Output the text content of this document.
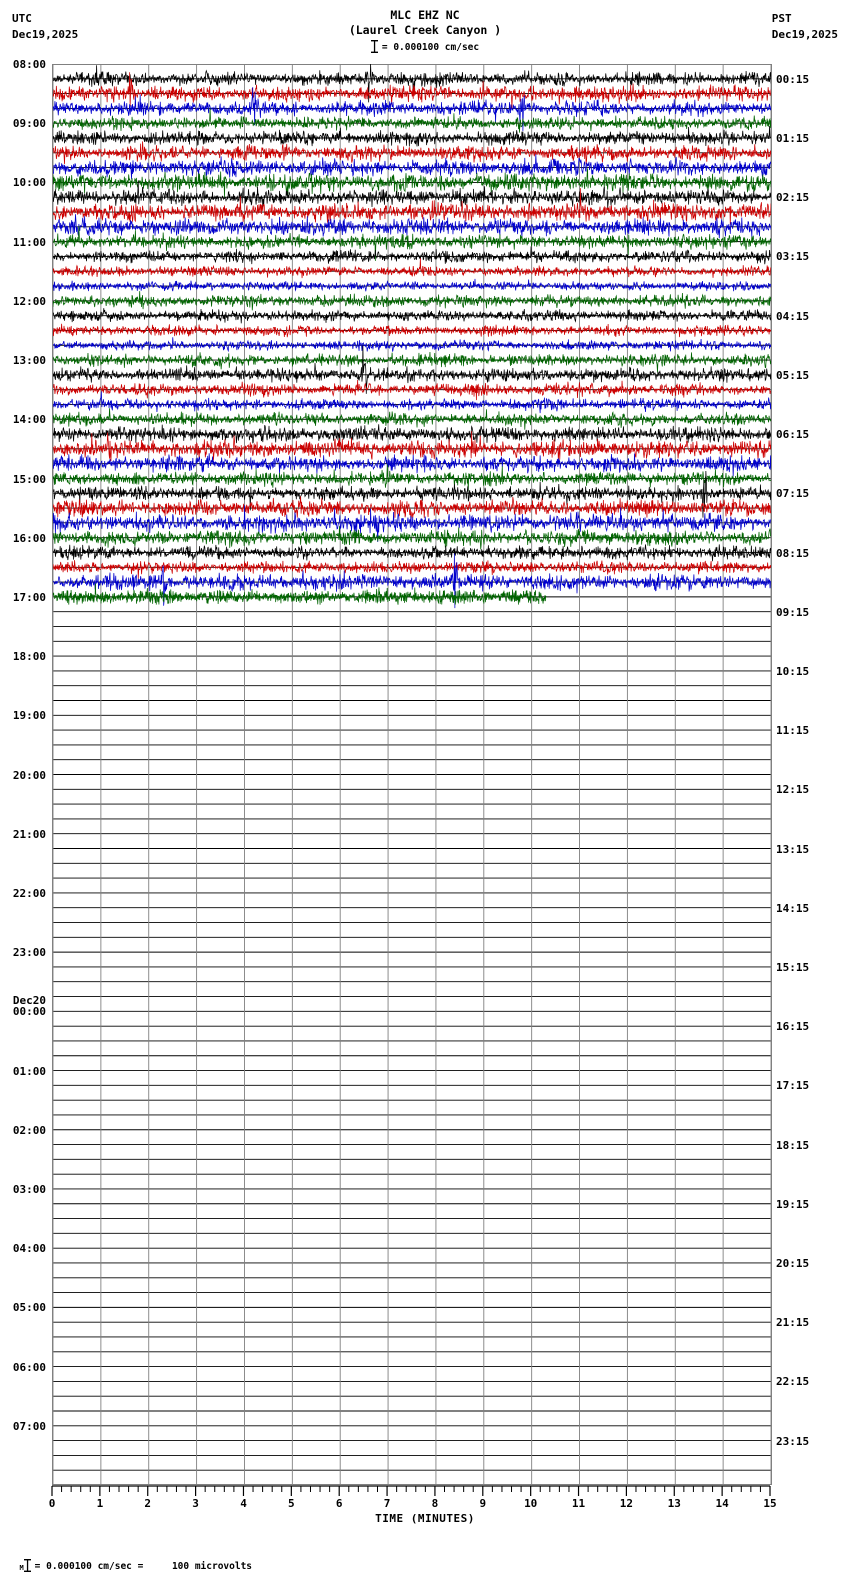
UTC
Dec19,2025
MLC EHZ NC
(Laurel Creek Canyon )
PST
Dec19,2025
= 0.000100 cm/sec
08:00
00:15
09:00
01:15
10:00
02:15
11:00
03:15
12:00
04:15
13:00
05:15
14:00
06:15
15:00
07:15
16:00
08:15
17:00
09:15
18:00
10:15
19:00
11:15
20:00
12:15
21:00
13:15
22:00
14:15
23:00
15:15
00:00
16:15
Dec20
01:00
17:15
02:00
18:15
03:00
19:15
04:00
20:15
05:00
21:15
06:00
22:15
07:00
23:15
0	1	2	3	4	5	6	7	8	9	10	11	12	13	14	15
TIME (MINUTES)

M = 0.000100 cm/sec =     100 microvolts
